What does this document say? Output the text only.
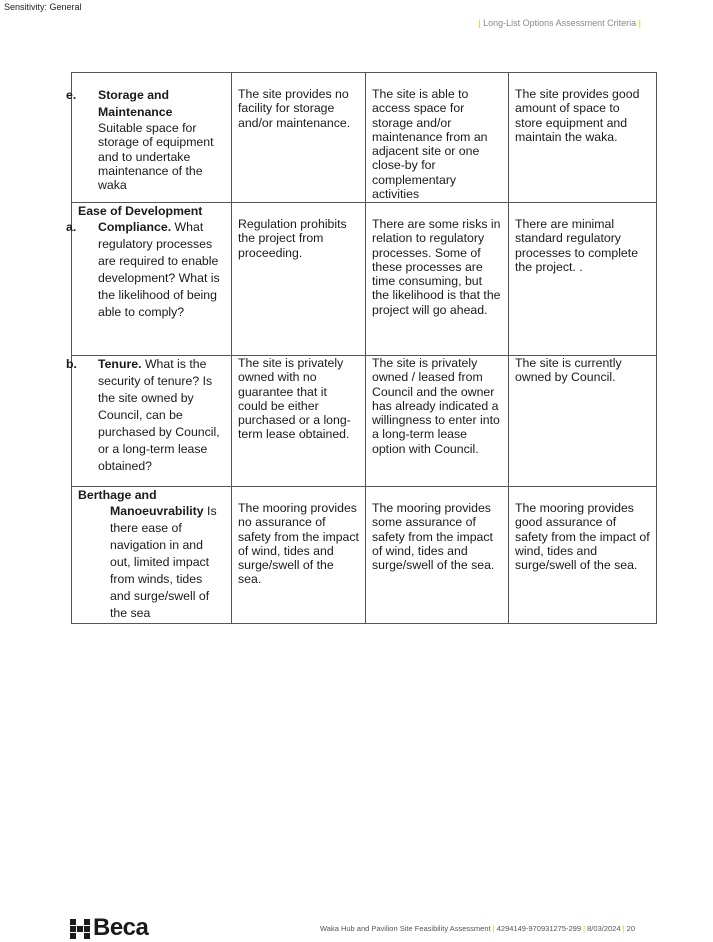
Sensitivity: General
| Long-List Options Assessment Criteria |
e. Storage and Maintenance
Suitable space for storage of equipment and to undertake maintenance of the waka	The site provides no facility for storage and/or maintenance.	The site is able to access space for storage and/or maintenance from an adjacent site or one close-by for complementary activities	The site provides good amount of space to store equipment and maintain the waka.

Ease of Development
a. Compliance. What regulatory processes are required to enable development? What is the likelihood of being able to comply?	Regulation prohibits the project from proceeding.	There are some risks in relation to regulatory processes. Some of these processes are time consuming, but the likelihood is that the project will go ahead.	There are minimal standard regulatory processes to complete the project. .

b. Tenure. What is the security of tenure? Is the site owned by Council, can be purchased by Council, or a long-term lease obtained?	The site is privately owned with no guarantee that it could be either purchased or a long-term lease obtained.	The site is privately owned / leased from Council and the owner has already indicated a willingness to enter into a long-term lease option with Council.	The site is currently owned by Council.

Berthage and
Manoeuvrability Is there ease of navigation in and out, limited impact from winds, tides and surge/swell of the sea	The mooring provides no assurance of safety from the impact of wind, tides and surge/swell of the sea.	The mooring provides some assurance of safety from the impact of wind, tides and surge/swell of the sea.	The mooring provides good assurance of safety from the impact of wind, tides and surge/swell of the sea.
Beca	Waka Hub and Pavilion Site Feasibility Assessment | 4294149-970931275-299 | 8/03/2024 | 20
